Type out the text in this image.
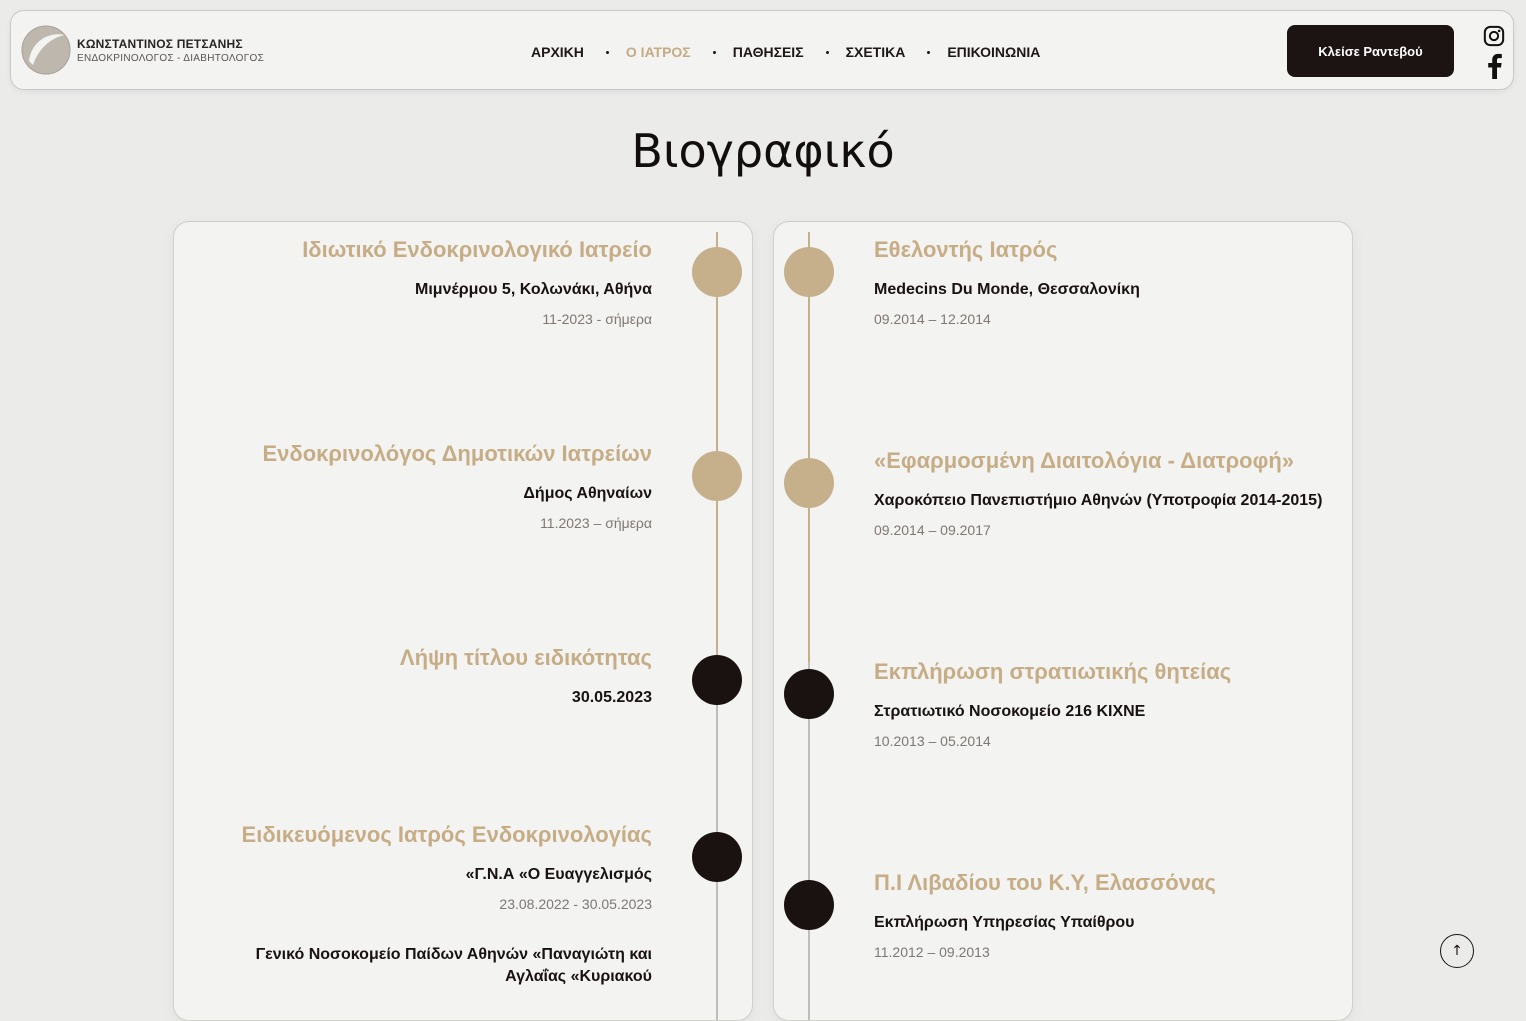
ΚΩΝΣΤΑΝΤΙΝΟΣ ΠΕΤΣΑΝΗΣ
ΕΝΔΟΚΡΙΝΟΛΟΓΟΣ - ΔΙΑΒΗΤΟΛΟΓΟΣ	ΑΡΧΙΚΗ	Ο ΙΑΤΡΟΣ	ΠΑΘΗΣΕΙΣ	ΣΧΕΤΙΚΑ	ΕΠΙΚΟΙΝΩΝΙΑ	Κλείσε Ραντεβού
Βιογραφικό

Ιδιωτικό Ενδοκρινολογικό Ιατρείο

Μιμνέρμου 5, Κολωνάκι, Αθήνα

11-2023 - σήμερα

Ενδοκρινολόγος Δημοτικών Ιατρείων

Δήμος Αθηναίων

11.2023 – σήμερα

Λήψη τίτλου ειδικότητας

30.05.2023

Ειδικευόμενος Ιατρός Ενδοκρινολογίας

«Γ.Ν.Α «Ο Ευαγγελισμός

23.08.2022 - 30.05.2023

Γενικό Νοσοκομείο Παίδων Αθηνών «Παναγιώτη και Αγλαΐας «Κυριακού

Εθελοντής Ιατρός

Medecins Du Monde, Θεσσαλονίκη

09.2014 – 12.2014

«Εφαρμοσμένη Διαιτολόγια - Διατροφή»

Χαροκόπειο Πανεπιστήμιο Αθηνών (Υποτροφία 2014-2015)

09.2014 – 09.2017

Εκπλήρωση στρατιωτικής θητείας

Στρατιωτικό Νοσοκομείο 216 ΚΙΧΝΕ

10.2013 – 05.2014

Π.Ι Λιβαδίου του Κ.Υ, Ελασσόνας

Εκπλήρωση Υπηρεσίας Υπαίθρου

11.2012 – 09.2013	↑
